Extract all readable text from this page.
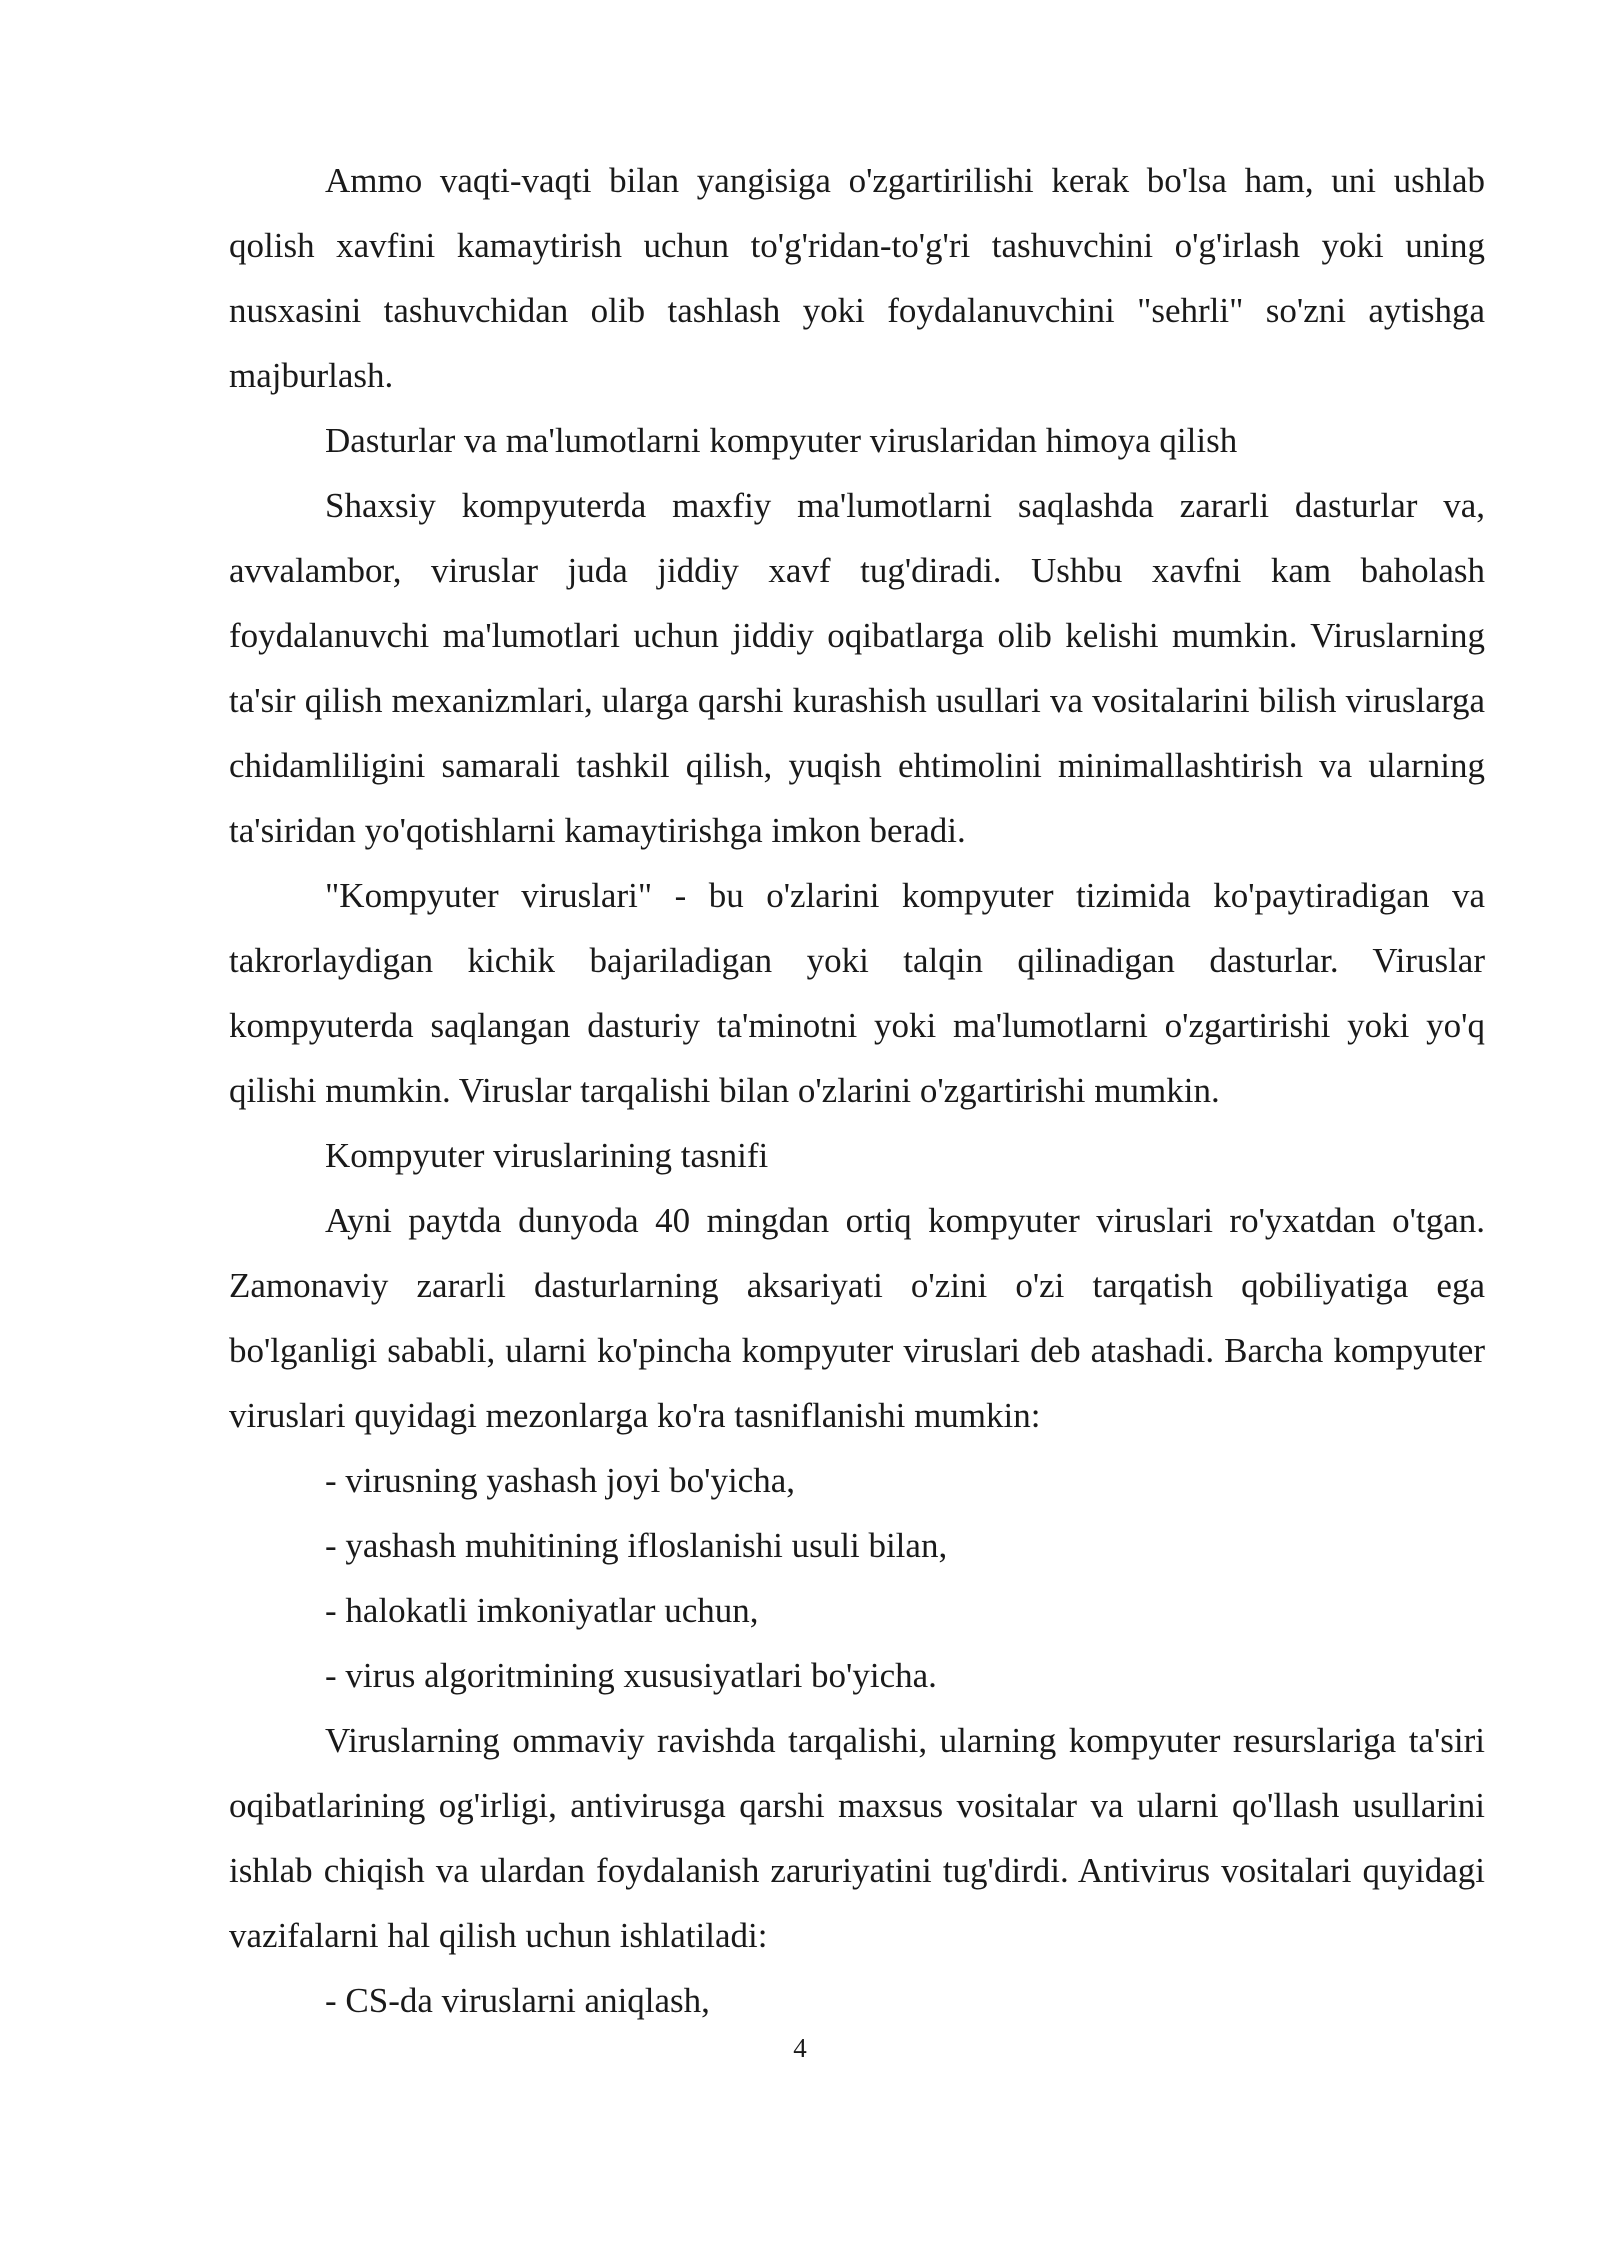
Ammo vaqti-vaqti bilan yangisiga o'zgartirilishi kerak bo'lsa ham, uni ushlab qolish xavfini kamaytirish uchun to'g'ridan-to'g'ri tashuvchini o'g'irlash yoki uning nusxasini tashuvchidan olib tashlash yoki foydalanuvchini "sehrli" so'zni aytishga majburlash.

Dasturlar va ma'lumotlarni kompyuter viruslaridan himoya qilish

Shaxsiy kompyuterda maxfiy ma'lumotlarni saqlashda zararli dasturlar va, avvalambor, viruslar juda jiddiy xavf tug'diradi. Ushbu xavfni kam baholash foydalanuvchi ma'lumotlari uchun jiddiy oqibatlarga olib kelishi mumkin. Viruslarning ta'sir qilish mexanizmlari, ularga qarshi kurashish usullari va vositalarini bilish viruslarga chidamliligini samarali tashkil qilish, yuqish ehtimolini minimallashtirish va ularning ta'siridan yo'qotishlarni kamaytirishga imkon beradi.

"Kompyuter viruslari" - bu o'zlarini kompyuter tizimida ko'paytiradigan va takrorlaydigan kichik bajariladigan yoki talqin qilinadigan dasturlar. Viruslar kompyuterda saqlangan dasturiy ta'minotni yoki ma'lumotlarni o'zgartirishi yoki yo'q qilishi mumkin. Viruslar tarqalishi bilan o'zlarini o'zgartirishi mumkin.

Kompyuter viruslarining tasnifi

Ayni paytda dunyoda 40 mingdan ortiq kompyuter viruslari ro'yxatdan o'tgan. Zamonaviy zararli dasturlarning aksariyati o'zini o'zi tarqatish qobiliyatiga ega bo'lganligi sababli, ularni ko'pincha kompyuter viruslari deb atashadi. Barcha kompyuter viruslari quyidagi mezonlarga ko'ra tasniflanishi mumkin:

- virusning yashash joyi bo'yicha,

- yashash muhitining ifloslanishi usuli bilan,

- halokatli imkoniyatlar uchun,

- virus algoritmining xususiyatlari bo'yicha.

Viruslarning ommaviy ravishda tarqalishi, ularning kompyuter resurslariga ta'siri oqibatlarining og'irligi, antivirusga qarshi maxsus vositalar va ularni qo'llash usullarini ishlab chiqish va ulardan foydalanish zaruriyatini tug'dirdi. Antivirus vositalari quyidagi vazifalarni hal qilish uchun ishlatiladi:

- CS-da viruslarni aniqlash,

4
